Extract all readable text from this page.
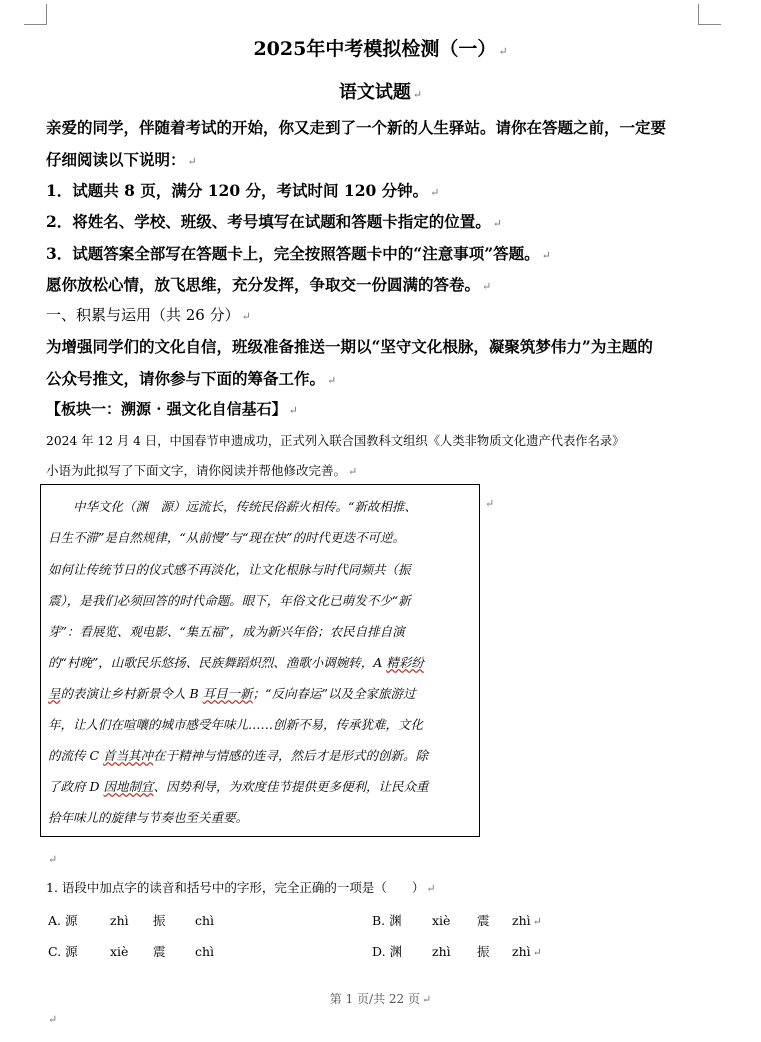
2025年中考模拟检测（一） ↵
语文试题 ↵
亲爱的同学，伴随着考试的开始，你又走到了一个新的人生驿站。请你在答题之前，一定要
仔细阅读以下说明： ↵
1．试题共 8 页，满分 120 分，考试时间 120 分钟。 ↵
2．将姓名、学校、班级、考号填写在试题和答题卡指定的位置。 ↵
3．试题答案全部写在答题卡上，完全按照答题卡中的“注意事项”答题。 ↵
愿你放松心情，放飞思维，充分发挥，争取交一份圆满的答卷。 ↵
一、积累与运用（共 26 分） ↵
为增强同学们的文化自信，班级准备推送一期以“坚守文化根脉，凝聚筑梦伟力”为主题的
公众号推文，请你参与下面的筹备工作。 ↵
【板块一：溯源 · 强文化自信基石】 ↵
2024 年 12 月 4 日，中国春节申遗成功，正式列入联合国教科文组织《人类非物质文化遗产代表作名录》
小语为此拟写了下面文字，请你阅读并帮他修改完善。 ↵
　　中华文化（渊　源）远流长，传统民俗薪火相传。“新故相推、
日生不滞”是自然规律，“从前慢”与“现在快”的时代更迭不可逆。
如何让传统节日的仪式感不再淡化，让文化根脉与时代同频共（振
震），是我们必须回答的时代命题。眼下，年俗文化已萌发不少“新
芽”：看展览、观电影、“集五福”，成为新兴年俗；农民自排自演
的“村晚”，山歌民乐悠扬、民族舞蹈炽烈、渔歌小调婉转，A 精彩纷
呈的表演让乡村新景令人 B 耳目一新；“反向春运”以及全家旅游过
年，让人们在喧嚷的城市感受年味儿……创新不易，传承犹难，文化
的流传 C 首当其冲在于精神与情感的连寻，然后才是形式的创新。除
了政府 D 因地制宜、因势利导，为欢度佳节提供更多便利，让民众重
拾年味儿的旋律与节奏也至关重要。
↵
↵
1. 语段中加点字的读音和括号中的字形，完全正确的一项是（　　） ↵
A. 源	zhì 振 chì	B. 渊 xiè 震 zhì ↵
C. 源	xiè 震 chì	D. 渊 zhì 振 zhì ↵
第 1 页/共 22 页 ↵
↵
